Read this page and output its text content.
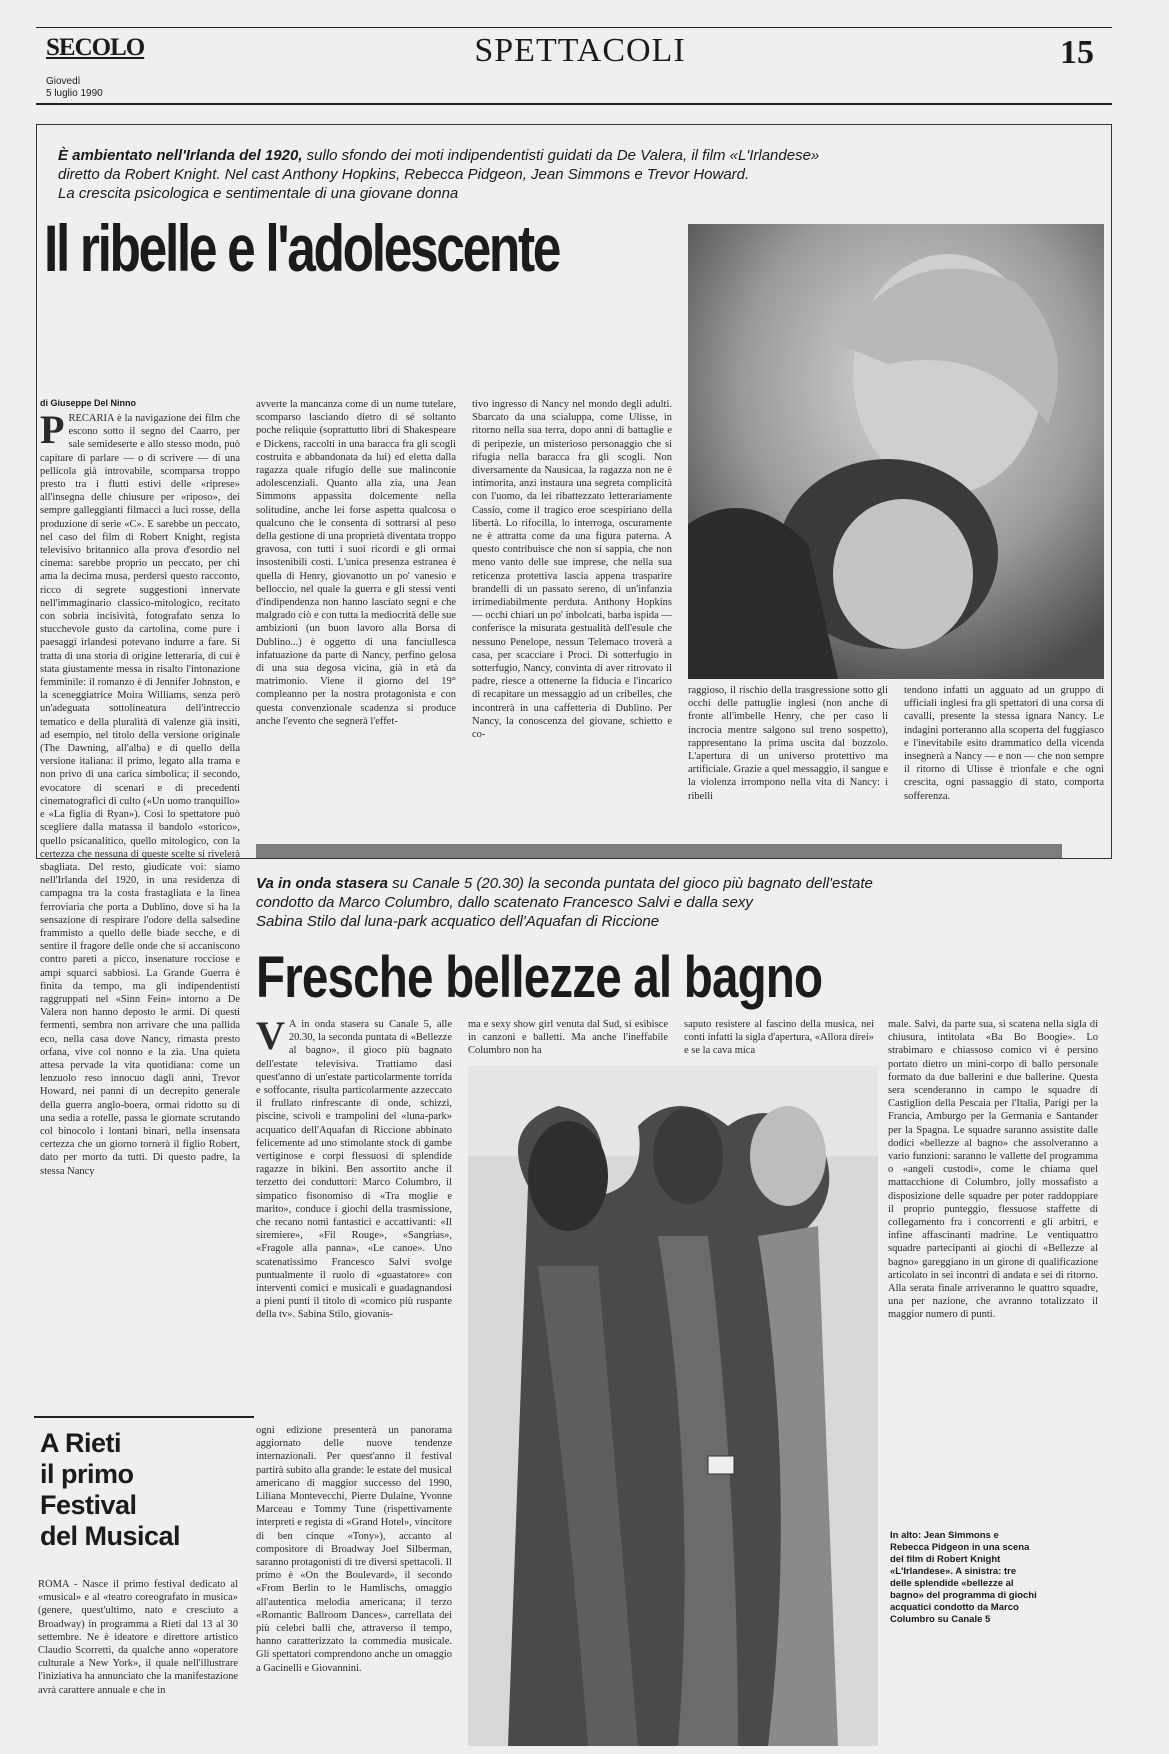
SECOLO
Giovedì
5 luglio 1990
SPETTACOLI	15
È ambientato nell'Irlanda del 1920, sullo sfondo dei moti indipendentisti guidati da De Valera, il film «L'Irlandese»
diretto da Robert Knight. Nel cast Anthony Hopkins, Rebecca Pidgeon, Jean Simmons e Trevor Howard.
La crescita psicologica e sentimentale di una giovane donna
Il ribelle e l'adolescente
di Giuseppe Del Ninno
PRECARIA è la navigazione dei film che escono sotto il segno del Caarro, per sale semideserte e allo stesso modo, può capitare di parlare — o di scrivere — di una pellicola già introvabile, scomparsa troppo presto tra i flutti estivi delle «riprese» all'insegna delle chiusure per «riposo», dei sempre galleggianti filmacci a luci rosse, della produzione di serie «C». E sarebbe un peccato, nel caso del film di Robert Knight, regista televisivo britannico alla prova d'esordio nel cinema: sarebbe proprio un peccato, per chi ama la decima musa, perdersi questo racconto, ricco di segrete suggestioni innervate nell'immaginario classico-mitologico, recitato con sobria incisività, fotografato senza lo stucchevole gusto da cartolina, come pure i paesaggi irlandesi potevano indurre a fare. Si tratta di una storia di origine letteraria, di cui è stata giustamente messa in risalto l'intonazione femminile: il romanzo è di Jennifer Johnston, e la sceneggiatrice Moira Williams, senza però un'adeguata sottolineatura dell'intreccio tematico e della pluralità di valenze già insiti, ad esempio, nel titolo della versione originale (The Dawning, all'alba) e di quello della versione italiana: il primo, legato alla trama e non privo di una carica simbolica; il secondo, evocatore di scenari e di precedenti cinematografici di culto («Un uomo tranquillo» e «La figlia di Ryan»). Così lo spettatore può scegliere dalla matassa il bandolo «storico», quello psicanalitico, quello mitologico, con la certezza che nessuna di queste scelte si rivelerà sbagliata. Del resto, giudicate voi: siamo nell'Irlanda del 1920, in una residenza di campagna tra la costa frastagliata e la linea ferroviaria che porta a Dublino, dove si ha la sensazione di respirare l'odore della salsedine frammisto a quello delle biade secche, e di sentire il fragore delle onde che si accaniscono contro pareti a picco, insenature rocciose e ampi squarci sabbiosi. La Grande Guerra è finita da tempo, ma gli indipendentisti raggruppati nel «Sinn Fein» intorno a De Valera non hanno deposto le armi. Di questi fermenti, sembra non arrivare che una pallida eco, nella casa dove Nancy, rimasta presto orfana, vive col nonno e la zia. Una quieta attesa pervade la vita quotidiana: come un lenzuolo reso innocuo dagli anni, Trevor Howard, nei panni di un decrepito generale della guerra anglo-boera, ormai ridotto su di una sedia a rotelle, passa le giornate scrutando col binocolo i lontani binari, nella insensata certezza che un giorno tornerà il figlio Robert, dato per morto da tutti. Di questo padre, la stessa Nancy
avverte la mancanza come di un nume tutelare, scomparso lasciando dietro di sé soltanto poche reliquie (soprattutto libri di Shakespeare e Dickens, raccolti in una baracca fra gli scogli costruita e abbandonata da lui) ed eletta dalla ragazza quale rifugio delle sue malinconie adolescenziali. Quanto alla zia, una Jean Simmons appassita dolcemente nella solitudine, anche lei forse aspetta qualcosa o qualcuno che le consenta di sottrarsi al peso della gestione di una proprietà diventata troppo gravosa, con tutti i suoi ricordi e gli ormai insostenibili costi. L'unica presenza estranea è quella di Henry, giovanotto un po' vanesio e belloccio, nel quale la guerra e gli stessi venti d'indipendenza non hanno lasciato segni e che malgrado ciò e con tutta la mediocrità delle sue ambizioni (un buon lavoro alla Borsa di Dublino...) è oggetto di una fanciullesca infatuazione da parte di Nancy, perfino gelosa di una sua degosa vicina, già in età da matrimonio. Viene il giorno del 19° compleanno per la nostra protagonista e con questa convenzionale scadenza si produce anche l'evento che segnerà l'effet-
tivo ingresso di Nancy nel mondo degli adulti. Sbarcato da una scialuppa, come Ulisse, in ritorno nella sua terra, dopo anni di battaglie e di peripezie, un misterioso personaggio che si rifugia nella baracca fra gli scogli. Non diversamente da Nausicaa, la ragazza non ne è intimorita, anzi instaura una segreta complicità con l'uomo, da lei ribattezzato letterariamente Cassio, come il tragico eroe scespiriano della libertà. Lo rifocilla, lo interroga, oscuramente ne è attratta come da una figura paterna. A questo contribuisce che non si sappia, che non meno vanto delle sue imprese, che nella sua reticenza protettiva lascia appena trasparire brandelli di un passato sereno, di un'infanzia irrimediabilmente perduta. Anthony Hopkins — occhi chiari un po' inbolcati, barba ispida — conferisce la misurata gestualità dell'esule che nessuno Penelope, nessun Telemaco troverà a casa, per scacciare i Proci. Di sotterfugio in sotterfugio, Nancy, convinta di aver ritrovato il padre, riesce a ottenerne la fiducia e l'incarico di recapitare un messaggio ad un cribelles, che incontrerà in una caffetteria di Dublino. Per Nancy, la conoscenza del giovane, schietto e co-
raggioso, il rischio della trasgressione sotto gli occhi delle pattuglie inglesi (non anche di fronte all'imbelle Henry, che per caso li incrocia mentre salgono sul treno sospetto), rappresentano la prima uscita dal bozzolo. L'apertura di un universo protettivo ma artificiale. Grazie a quel messaggio, il sangue e la violenza irrompono nella vita di Nancy: i ribelli
tendono infatti un agguato ad un gruppo di ufficiali inglesi fra gli spettatori di una corsa di cavalli, presente la stessa ignara Nancy. Le indagini porteranno alla scoperta del fuggiasco e l'inevitabile esito drammatico della vicenda insegnerà a Nancy — e non — che non sempre il ritorno di Ulisse è trionfale e che ogni crescita, ogni passaggio di stato, comporta sofferenza.
Va in onda stasera su Canale 5 (20.30) la seconda puntata del gioco più bagnato dell'estate
condotto da Marco Columbro, dallo scatenato Francesco Salvi e dalla sexy
Sabina Stilo dal luna-park acquatico dell'Aquafan di Riccione
Fresche bellezze al bagno
V A in onda stasera su Canale 5, alle 20.30, la seconda puntata di «Bellezze al bagno», il gioco più bagnato dell'estate televisiva. Trattiamo dasi quest'anno di un'estate particolarmente torrida e soffocante, risulta particolarmente azzeccato il frullato rinfrescante di onde, schizzi, piscine, scivoli e trampolini del «luna-park» acquatico dell'Aquafan di Riccione abbinato felicemente ad uno stimolante stock di gambe vertiginose e corpi flessuosi di splendide ragazze in bikini. Ben assortito anche il terzetto dei conduttori: Marco Columbro, il simpatico fisonomiso di «Tra moglie e marito», conduce i giochi della trasmissione, che recano nomi fantastici e accattivanti: «Il siremiere», «Fil Rouge», «Sangrias», «Fragole alla panna», «Le canoe». Uno scatenatissimo Francesco Salvi svolge puntualmente il ruolo di «guastatore» con interventi comici e musicali e guadagnandosi a pieni punti il titolo di «comico più ruspante della tv». Sabina Stilo, giovanis-
ma e sexy show girl venuta dal Sud, si esibisce in canzoni e balletti. Ma anche l'ineffabile Columbro non ha
saputo resistere al fascino della musica, nei conti infatti la sigla d'apertura, «Allora direi» e se la cava mica
male. Salvi, da parte sua, si scatena nella sigla di chiusura, intitolata «Ba Bo Boogie». Lo strabimaro e chiassoso comico vi è persino portato dietro un mini-corpo di ballo personale formato da due ballerini e due ballerine. Questa sera scenderanno in campo le squadre di Castiglion della Pescaia per l'Italia, Parigi per la Francia, Amburgo per la Germania e Santander per la Spagna. Le squadre saranno assistite dalle dodici «bellezze al bagno» che assolveranno a vario funzioni: saranno le vallette del programma o «angeli custodi», come le chiama quel mattacchione di Columbro, jolly mossafisto a disposizione delle squadre per poter raddoppiare il proprio punteggio, flessuose staffette di collegamento fra i concorrenti e gli arbitri, e infine affascinanti madrine. Le ventiquattro squadre partecipanti ai giochi di «Bellezze al bagno» gareggiano in un girone di qualificazione articolato in sei incontri di andata e sei di ritorno. Alla serata finale arriveranno le quattro squadre, una per nazione, che avranno totalizzato il maggior numero di punti.
In alto: Jean Simmons e Rebecca Pidgeon in una scena del film di Robert Knight «L'Irlandese». A sinistra: tre delle splendide «bellezze al bagno» del programma di giochi acquatici condotto da Marco Columbro su Canale 5
A Rieti
il primo
Festival
del Musical
ROMA - Nasce il primo festival dedicato al «musical» e al «teatro coreografato in musica» (genere, quest'ultimo, nato e cresciuto a Broadway) in programma a Rieti dal 13 al 30 settembre. Ne è ideatore e direttore artistico Claudio Scorretti, da qualche anno «operatore culturale a New York», il quale nell'illustrare l'iniziativa ha annunciato che la manifestazione avrà carattere annuale e che in
ogni edizione presenterà un panorama aggiornato delle nuove tendenze internazionali. Per quest'anno il festival partirà subito alla grande: le estate del musical americano di maggior successo del 1990, Liliana Montevecchi, Pierre Dulaine, Yvonne Marceau e Tommy Tune (rispettivamente interpreti e regista di «Grand Hotel», vincitore di ben cinque «Tony»), accanto al compositore di Broadway Joel Silberman, saranno protagonisti di tre diversi spettacoli. Il primo è «On the Boulevard», il secondo «From Berlin to le Hamlischs, omaggio all'autentica melodia americana; il terzo «Romantic Ballroom Dances», carrellata dei più celebri balli che, attraverso il tempo, hanno caratterizzato la commedia musicale. Gli spettatori comprendono anche un omaggio a Gacinelli e Giovannini.
